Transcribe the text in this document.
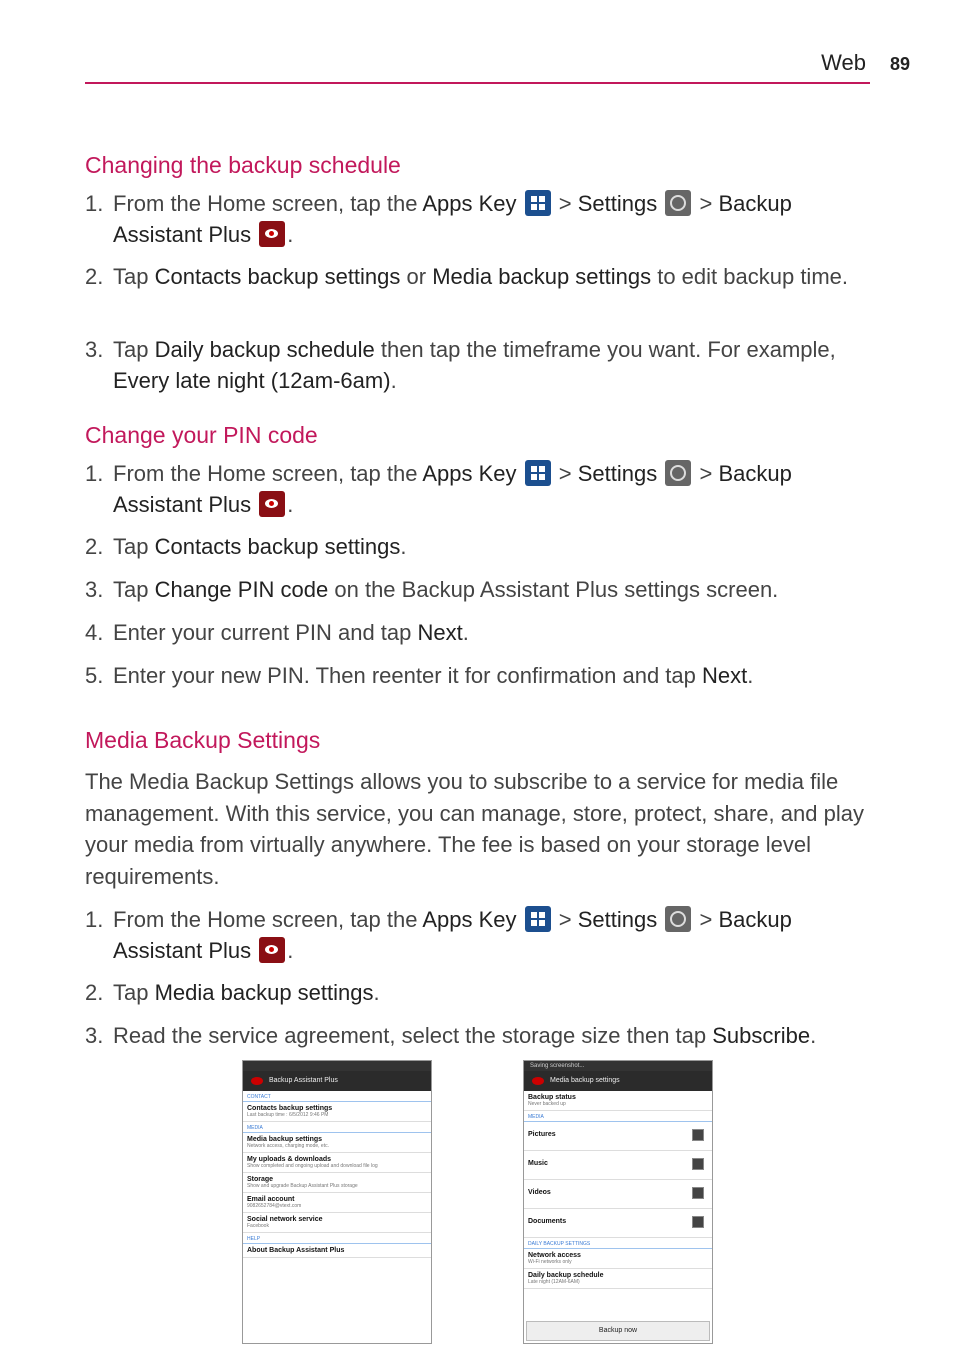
Web 89
Changing the backup schedule
1. From the Home screen, tap the Apps Key
> Settings
> Backup Assistant Plus .
2. Tap Contacts backup settings or Media backup settings to edit backup time.
3. Tap Daily backup schedule then tap the timeframe you want. For example, Every late night (12am-6am).
Change your PIN code
1. From the Home screen, tap the Apps Key
> Settings
> Backup Assistant Plus .
2. Tap Contacts backup settings.
3. Tap Change PIN code on the Backup Assistant Plus settings screen.
4. Enter your current PIN and tap Next.
5. Enter your new PIN. Then reenter it for confirmation and tap Next.
Media Backup Settings
The Media Backup Settings allows you to subscribe to a service for media file management. With this service, you can manage, store, protect, share, and play your media from virtually anywhere. The fee is based on your storage level requirements.
1. From the Home screen, tap the Apps Key
> Settings
> Backup Assistant Plus .
2. Tap Media backup settings.
3. Read the service agreement, select the storage size then tap Subscribe.
Backup Assistant Plus
CONTACT
Contacts backup settings
Last backup time : 6/5/2012 9:46 PM
MEDIA
Media backup settings
Network access, charging mode, etc.
My uploads & downloads
Show completed and ongoing upload and download file log
Storage
Show and upgrade Backup Assistant Plus storage
Email account
9082652784@vtext.com
Social network service
Facebook
HELP
About Backup Assistant Plus
Saving screenshot...
Media backup settings
Backup status
Never backed up
MEDIA
Pictures
Music
Videos
Documents
DAILY BACKUP SETTINGS
Network access
Wi-Fi networks only
Daily backup schedule
Late night (12AM-6AM)
Backup now
